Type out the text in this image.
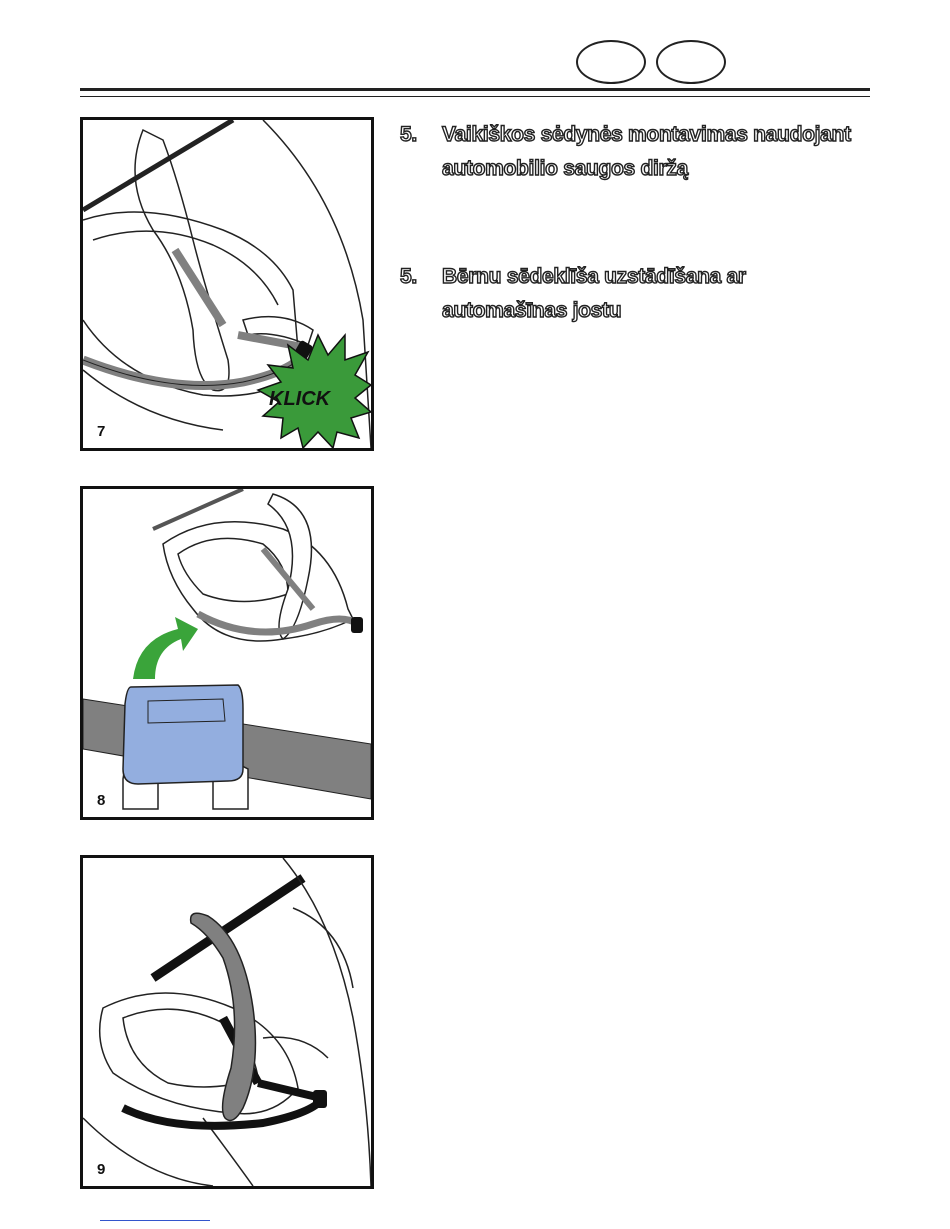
KLICK
7
8
9
5. Vaikiškos sėdynės montavimas naudojant automobilio saugos diržą
5. Bērnu sēdeklīša uzstādīšana ar automašīnas jostu
